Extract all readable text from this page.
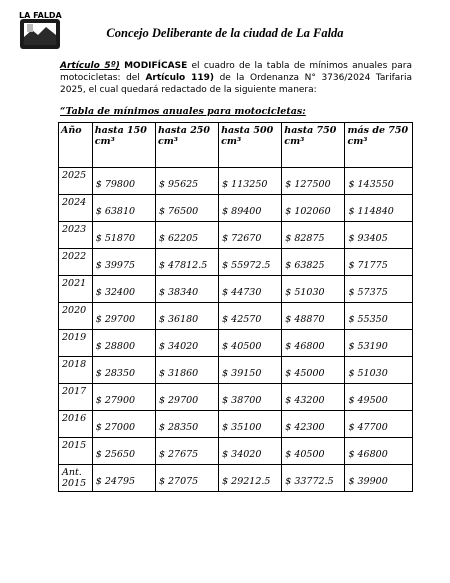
LA FALDA
Concejo Deliberante de la ciudad de La Falda
Artículo 5º) MODIFÍCASE el cuadro de la tabla de mínimos anuales para motocicletas: del Artículo 119) de la Ordenanza N° 3736/2024 Tarifaria 2025, el cual quedará redactado de la siguiente manera:
“Tabla de mínimos anuales para motocicletas:
Año	hasta 150 cm³	hasta 250 cm³	hasta 500 cm³	hasta 750 cm³	más de 750 cm³

2025	$ 79800	$ 95625	$ 113250	$ 127500	$ 143550

2024	$ 63810	$ 76500	$ 89400	$ 102060	$ 114840

2023	$ 51870	$ 62205	$ 72670	$ 82875	$ 93405

2022	$ 39975	$ 47812.5	$ 55972.5	$ 63825	$ 71775

2021	$ 32400	$ 38340	$ 44730	$ 51030	$ 57375

2020	$ 29700	$ 36180	$ 42570	$ 48870	$ 55350

2019	$ 28800	$ 34020	$ 40500	$ 46800	$ 53190

2018	$ 28350	$ 31860	$ 39150	$ 45000	$ 51030

2017	$ 27900	$ 29700	$ 38700	$ 43200	$ 49500

2016	$ 27000	$ 28350	$ 35100	$ 42300	$ 47700

2015	$ 25650	$ 27675	$ 34020	$ 40500	$ 46800

Ant.
2015	$ 24795	$ 27075	$ 29212.5	$ 33772.5	$ 39900
